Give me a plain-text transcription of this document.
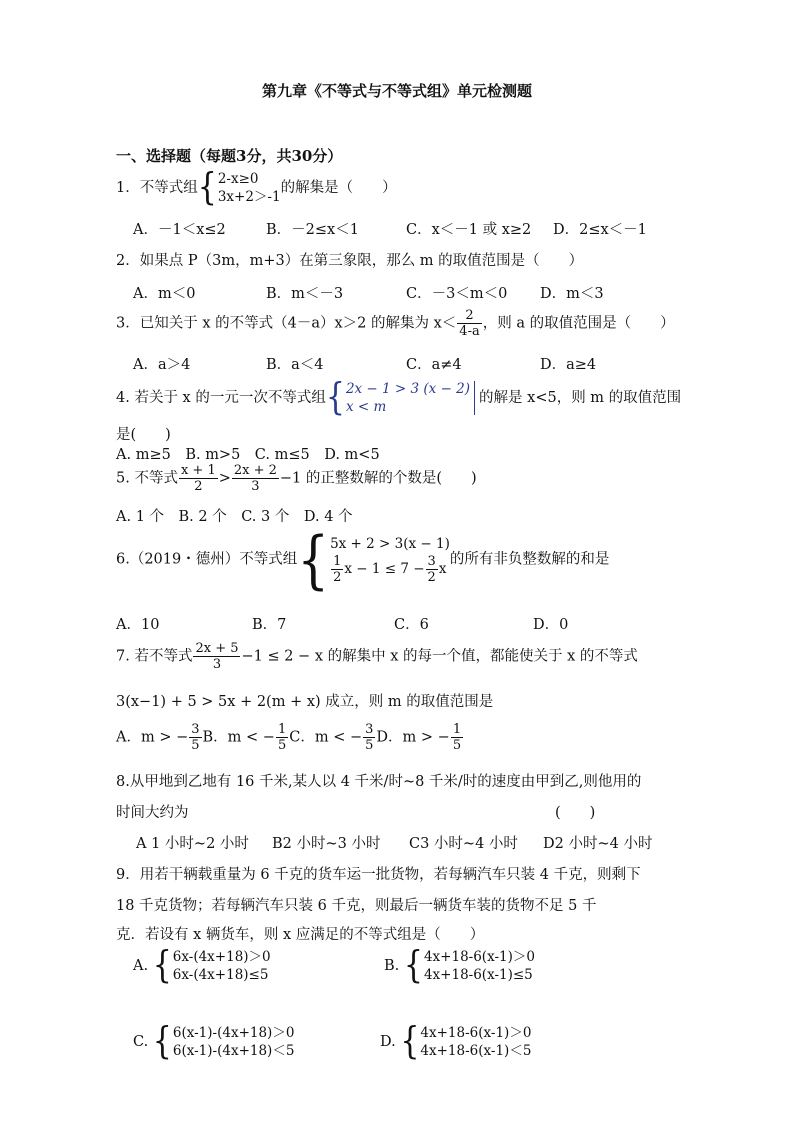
第九章《不等式与不等式组》单元检测题
一、选择题（每题3分，共30分）
1．不等式组{2-x≥0
3x+2＞-1的解集是（　　）
A．－1＜x≤2	B．－2≤x＜1	C．x＜－1 或 x≥2 D．2≤x＜－1
2．如果点 P（3m，m+3）在第三象限，那么 m 的取值范围是（　　）
A．m＜0	B．m＜－3	C．－3＜m＜0 D．m＜3
3．已知关于 x 的不等式（4－a）x＞2 的解集为 $x< \frac{2}{4-a}$ ，则 a 的取值范围是（　　）
A．a＞4	B．a＜4	C．a≠4	D．a≥4
4. 若关于 x 的一元一次不等式组{2x − 1 > 3 (x − 2)
x < m的解是 x<5，则 m 的取值范围
是(　　)
A. m≥5　B. m>5　C. m≤5　D. m<5
5. 不等式 $\frac{x + 1}{2} > \frac{2x + 2}{3} -1$ 的正整数解的个数是(　　)
A. 1 个　B. 2 个　C. 3 个　D. 4 个
6.（2019・德州）不等式组{5x + 2 > 3(x − 1)

$\frac{1}{2}$ $x - 1 \le 7 - \frac{3}{2}$ x的所有非负整数解的和是
A．10	B．7	C．6	D．0
7. 若不等式 $\frac{2x + 5}{3} -1 \le 2 - x$ 的解集中 x 的每一个值，都能使关于 x 的不等式
3(x−1) + 5 > 5x + 2(m + x) 成立，则 m 的取值范围是
A．m > − $\frac{3}{5}$ B．m < − $\frac{1}{5}$ C．m < − $\frac{3}{5}$ D．m > − $\frac{1}{5}$
8.从甲地到乙地有 16 千米,某人以 4 千米/时~8 千米/时的速度由甲到乙,则他用的
时间大约为	(　　)
A 1 小时~2 小时 B2 小时~3 小时 C3 小时~4 小时 D2 小时~4 小时
9．用若干辆载重量为 6 千克的货车运一批货物，若每辆汽车只装 4 千克，则剩下
18 千克货物；若每辆汽车只装 6 千克，则最后一辆货车装的货物不足 5 千
克．若设有 x 辆货车，则 x 应满足的不等式组是（　　）
A. {6x-(4x+18)＞0
6x-(4x+18)≤5
B. {4x+18-6(x-1)＞0
4x+18-6(x-1)≤5
C. {6(x-1)-(4x+18)＞0
6(x-1)-(4x+18)＜5
D. {4x+18-6(x-1)＞0
4x+18-6(x-1)＜5
